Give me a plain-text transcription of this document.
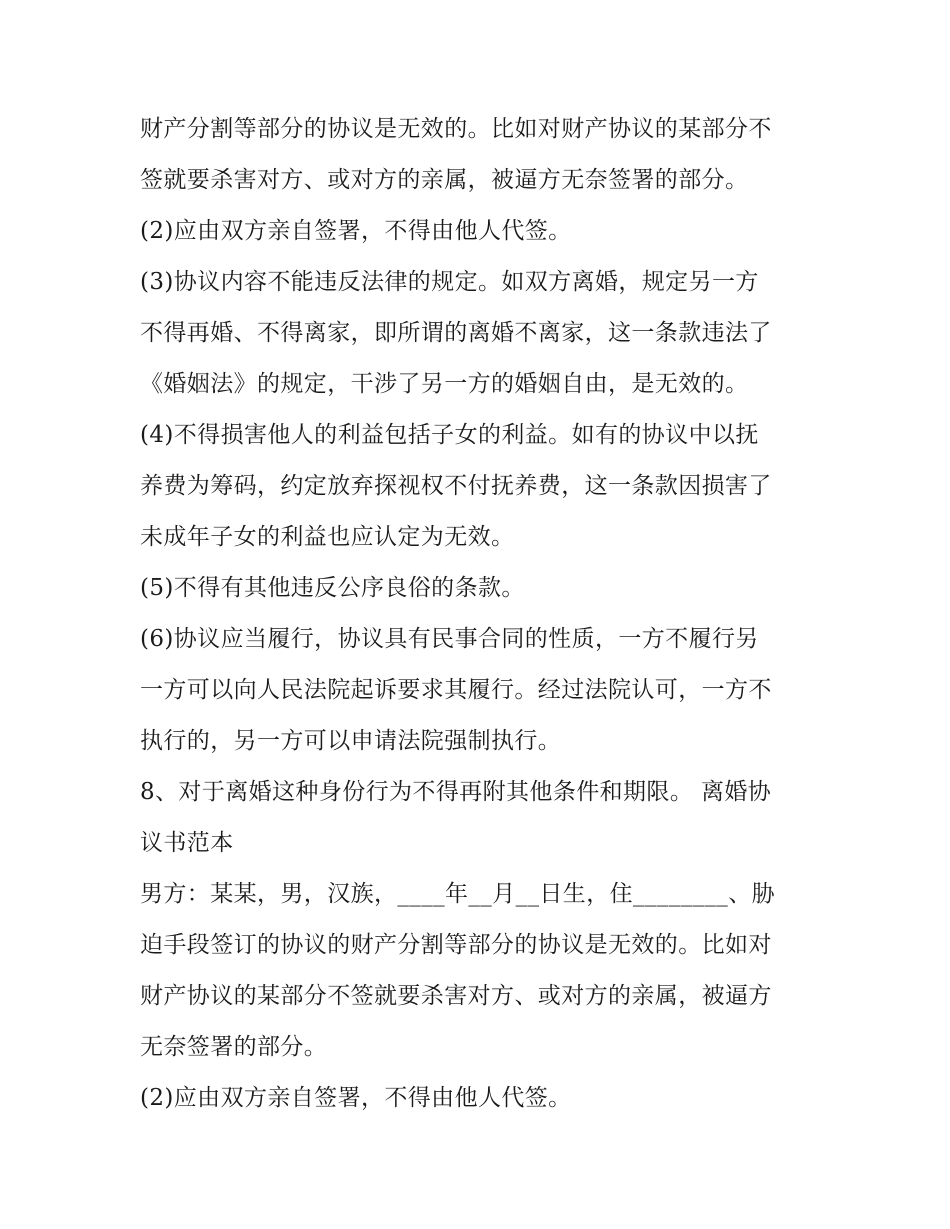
财产分割等部分的协议是无效的。比如对财产协议的某部分不
签就要杀害对方、或对方的亲属，被逼方无奈签署的部分。
(2)应由双方亲自签署，不得由他人代签。
(3)协议内容不能违反法律的规定。如双方离婚，规定另一方
不得再婚、不得离家，即所谓的离婚不离家，这一条款违法了
《婚姻法》的规定，干涉了另一方的婚姻自由，是无效的。
(4)不得损害他人的利益包括子女的利益。如有的协议中以抚
养费为筹码，约定放弃探视权不付抚养费，这一条款因损害了
未成年子女的利益也应认定为无效。
(5)不得有其他违反公序良俗的条款。
(6)协议应当履行，协议具有民事合同的性质，一方不履行另
一方可以向人民法院起诉要求其履行。经过法院认可，一方不
执行的，另一方可以申请法院强制执行。
8、对于离婚这种身份行为不得再附其他条件和期限。 离婚协
议书范本
男方：某某，男，汉族，____年__月__日生，住________、胁
迫手段签订的协议的财产分割等部分的协议是无效的。比如对
财产协议的某部分不签就要杀害对方、或对方的亲属，被逼方
无奈签署的部分。
(2)应由双方亲自签署，不得由他人代签。
